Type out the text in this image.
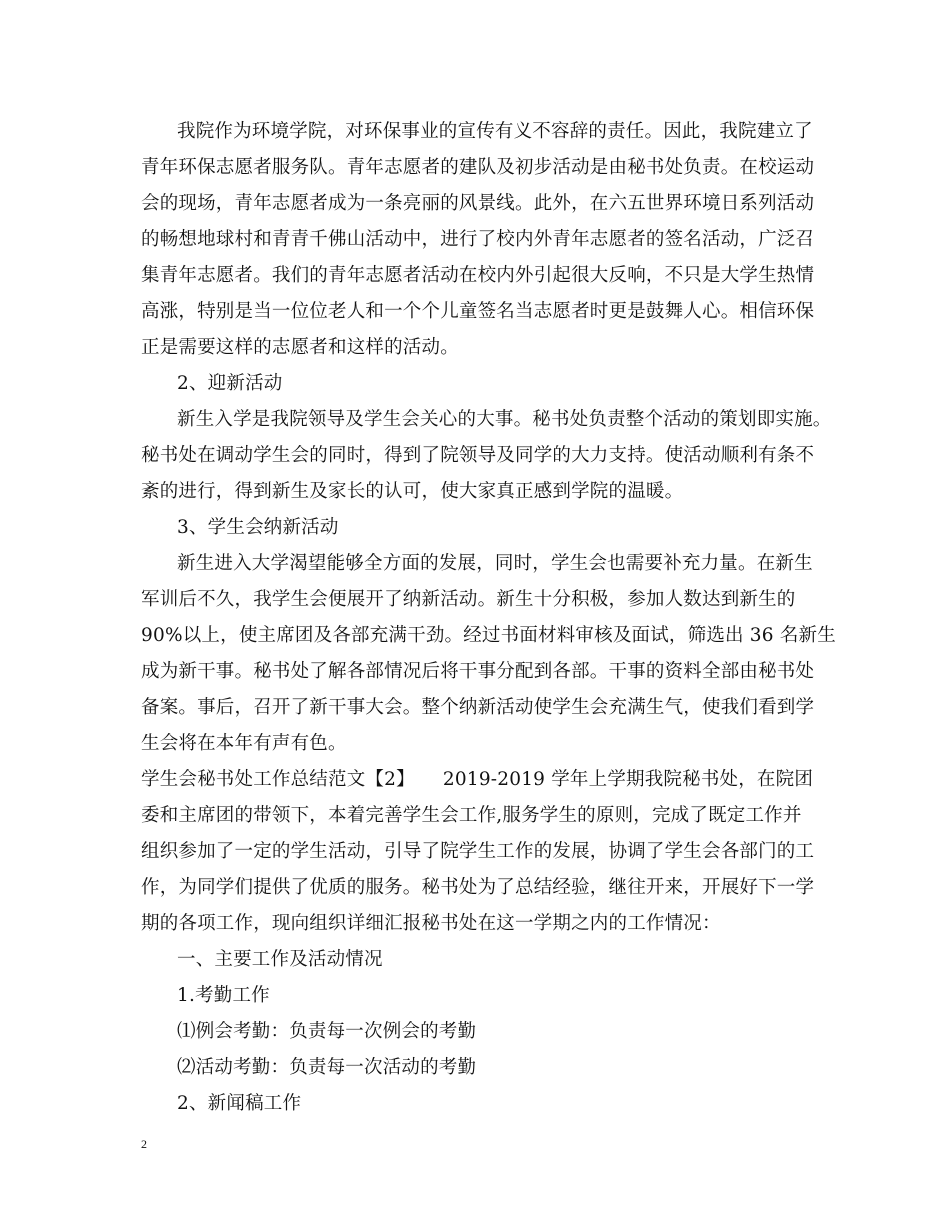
我院作为环境学院，对环保事业的宣传有义不容辞的责任。因此，我院建立了
青年环保志愿者服务队。青年志愿者的建队及初步活动是由秘书处负责。在校运动
会的现场，青年志愿者成为一条亮丽的风景线。此外，在六五世界环境日系列活动
的畅想地球村和青青千佛山活动中，进行了校内外青年志愿者的签名活动，广泛召
集青年志愿者。我们的青年志愿者活动在校内外引起很大反响，不只是大学生热情
高涨，特别是当一位位老人和一个个儿童签名当志愿者时更是鼓舞人心。相信环保
正是需要这样的志愿者和这样的活动。
2、迎新活动
新生入学是我院领导及学生会关心的大事。秘书处负责整个活动的策划即实施。
秘书处在调动学生会的同时，得到了院领导及同学的大力支持。使活动顺利有条不
紊的进行，得到新生及家长的认可，使大家真正感到学院的温暖。
3、学生会纳新活动
新生进入大学渴望能够全方面的发展，同时，学生会也需要补充力量。在新生
军训后不久，我学生会便展开了纳新活动。新生十分积极，参加人数达到新生的
90%以上，使主席团及各部充满干劲。经过书面材料审核及面试，筛选出 36 名新生
成为新干事。秘书处了解各部情况后将干事分配到各部。干事的资料全部由秘书处
备案。事后，召开了新干事大会。整个纳新活动使学生会充满生气，使我们看到学
生会将在本年有声有色。
学生会秘书处工作总结范文【2】　　2019-2019 学年上学期我院秘书处，在院团
委和主席团的带领下，本着完善学生会工作,服务学生的原则，完成了既定工作并
组织参加了一定的学生活动，引导了院学生工作的发展，协调了学生会各部门的工
作，为同学们提供了优质的服务。秘书处为了总结经验，继往开来，开展好下一学
期的各项工作，现向组织详细汇报秘书处在这一学期之内的工作情况：
一、主要工作及活动情况
1.考勤工作
⑴例会考勤：负责每一次例会的考勤
⑵活动考勤：负责每一次活动的考勤
2、新闻稿工作
2
